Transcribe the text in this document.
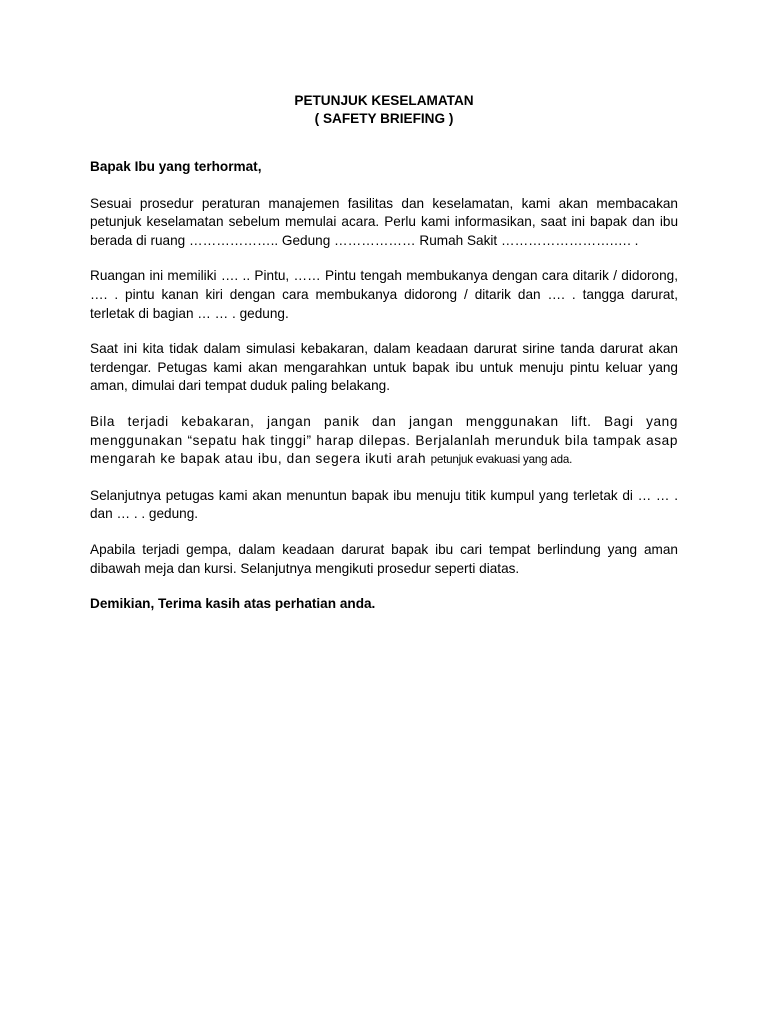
PETUNJUK KESELAMATAN
( SAFETY BRIEFING )

Bapak Ibu yang terhormat,

Sesuai prosedur peraturan manajemen fasilitas dan keselamatan, kami akan membacakan petunjuk keselamatan sebelum memulai acara. Perlu kami informasikan, saat ini bapak dan ibu berada di ruang ……………….. Gedung ……………… Rumah Sakit …………………….…. .

Ruangan ini memiliki …. .. Pintu, …… Pintu tengah membukanya dengan cara ditarik / didorong, …. . pintu kanan kiri dengan cara membukanya didorong / ditarik dan …. . tangga darurat, terletak di bagian … … . gedung.

Saat ini kita tidak dalam simulasi kebakaran, dalam keadaan darurat sirine tanda darurat akan terdengar. Petugas kami akan mengarahkan untuk bapak ibu untuk menuju pintu keluar yang aman, dimulai dari tempat duduk paling belakang.

Bila terjadi kebakaran, jangan panik dan jangan menggunakan lift. Bagi yang menggunakan “sepatu hak tinggi” harap dilepas. Berjalanlah merunduk bila tampak asap mengarah ke bapak atau ibu, dan segera ikuti arah petunjuk evakuasi yang ada.

Selanjutnya petugas kami akan menuntun bapak ibu menuju titik kumpul yang terletak di … … . dan … . . gedung.

Apabila terjadi gempa, dalam keadaan darurat bapak ibu cari tempat berlindung yang aman dibawah meja dan kursi. Selanjutnya mengikuti prosedur seperti diatas.

Demikian, Terima kasih atas perhatian anda.
